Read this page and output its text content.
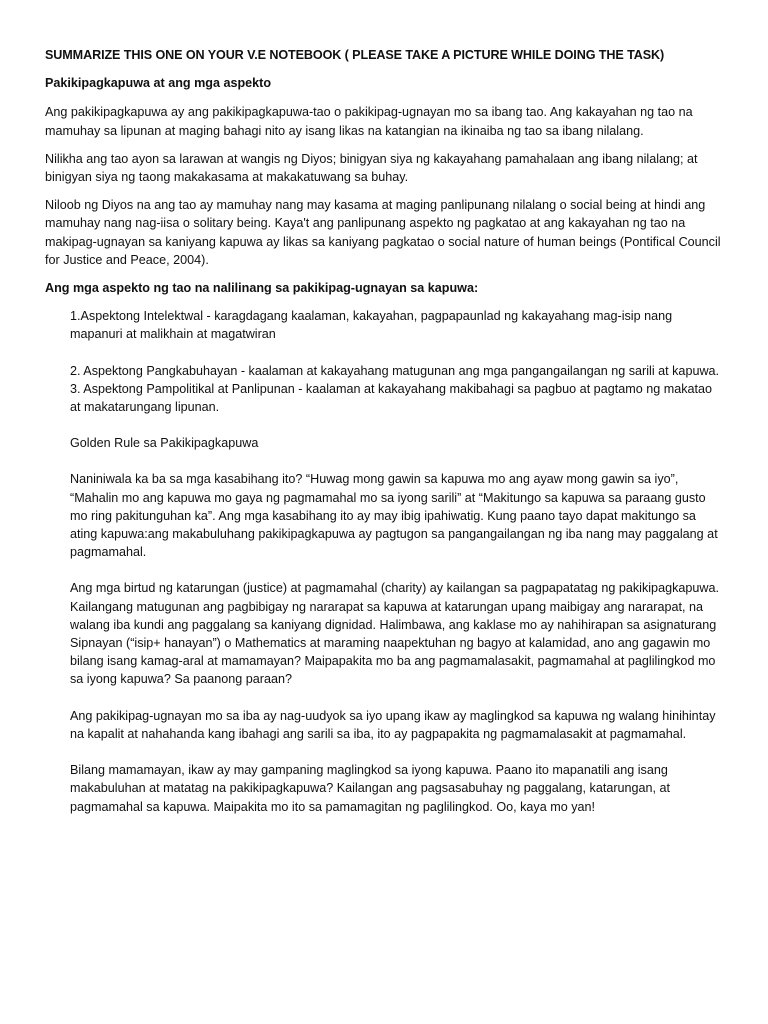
SUMMARIZE THIS ONE ON YOUR V.E NOTEBOOK ( PLEASE TAKE A PICTURE WHILE DOING THE TASK)
Pakikipagkapuwa at ang mga aspekto

Ang pakikipagkapuwa ay ang pakikipagkapuwa-tao o pakikipag-ugnayan mo sa ibang tao. Ang kakayahan ng tao na mamuhay sa lipunan at maging bahagi nito ay isang likas na katangian na ikinaiba ng tao sa ibang nilalang.

Nilikha ang tao ayon sa larawan at wangis ng Diyos; binigyan siya ng kakayahang pamahalaan ang ibang nilalang; at binigyan siya ng taong makakasama at makakatuwang sa buhay.

Niloob ng Diyos na ang tao ay mamuhay nang may kasama at maging panlipunang nilalang o social being at hindi ang mamuhay nang nag-iisa o solitary being. Kaya't ang panlipunang aspekto ng pagkatao at ang kakayahan ng tao na makipag-ugnayan sa kaniyang kapuwa ay likas sa kaniyang pagkatao o social nature of human beings (Pontifical Council for Justice and Peace, 2004).

Ang mga aspekto ng tao na nalilinang sa pakikipag-ugnayan sa kapuwa:

1.Aspektong Intelektwal - karagdagang kaalaman, kakayahan, pagpapaunlad ng kakayahang mag-isip nang mapanuri at malikhain at magatwiran

2. Aspektong Pangkabuhayan - kaalaman at kakayahang matugunan ang mga pangangailangan ng sarili at kapuwa.

3. Aspektong Pampolitikal at Panlipunan - kaalaman at kakayahang makibahagi sa pagbuo at pagtamo ng makatao at makatarungang lipunan.

Golden Rule sa Pakikipagkapuwa

Naniniwala ka ba sa mga kasabihang ito? “Huwag mong gawin sa kapuwa mo ang ayaw mong gawin sa iyo”, “Mahalin mo ang kapuwa mo gaya ng pagmamahal mo sa iyong sarili” at “Makitungo sa kapuwa sa paraang gusto mo ring pakitunguhan ka”. Ang mga kasabihang ito ay may ibig ipahiwatig. Kung paano tayo dapat makitungo sa ating kapuwa:ang makabuluhang pakikipagkapuwa ay pagtugon sa pangangailangan ng iba nang may paggalang at pagmamahal.

Ang mga birtud ng katarungan (justice) at pagmamahal (charity) ay kailangan sa pagpapatatag ng pakikipagkapuwa. Kailangang matugunan ang pagbibigay ng nararapat sa kapuwa at katarungan upang maibigay ang nararapat, na walang iba kundi ang paggalang sa kaniyang dignidad. Halimbawa, ang kaklase mo ay nahihirapan sa asignaturang Sipnayan (“isip+ hanayan”) o Mathematics at maraming naapektuhan ng bagyo at kalamidad, ano ang gagawin mo bilang isang kamag-aral at mamamayan? Maipapakita mo ba ang pagmamalasakit, pagmamahal at paglilingkod mo sa iyong kapuwa? Sa paanong paraan?

Ang pakikipag-ugnayan mo sa iba ay nag-uudyok sa iyo upang ikaw ay maglingkod sa kapuwa ng walang hinihintay na kapalit at nahahanda kang ibahagi ang sarili sa iba, ito ay pagpapakita ng pagmamalasakit at pagmamahal.

Bilang mamamayan, ikaw ay may gampaning maglingkod sa iyong kapuwa. Paano ito mapanatili ang isang makabuluhan at matatag na pakikipagkapuwa? Kailangan ang pagsasabuhay ng paggalang, katarungan, at pagmamahal sa kapuwa. Maipakita mo ito sa pamamagitan ng paglilingkod. Oo, kaya mo yan!
